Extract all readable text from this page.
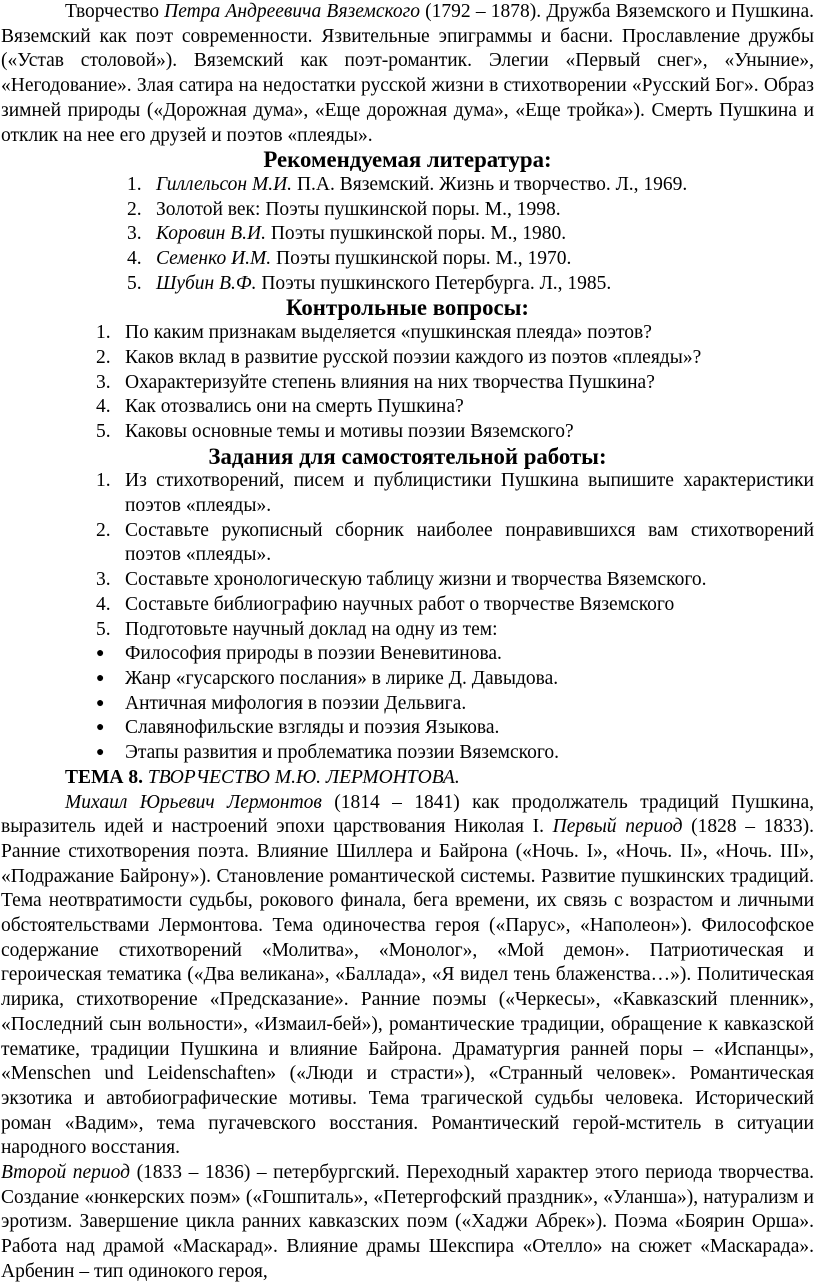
Творчество Петра Андреевича Вяземского (1792 – 1878). Дружба Вяземского и Пушкина. Вяземский как поэт современности. Язвительные эпиграммы и басни. Прославление дружбы («Устав столовой»). Вяземский как поэт-романтик. Элегии «Первый снег», «Уныние», «Негодование». Злая сатира на недостатки русской жизни в стихотворении «Русский Бог». Образ зимней природы («Дорожная дума», «Еще дорожная дума», «Еще тройка»). Смерть Пушкина и отклик на нее его друзей и поэтов «плеяды».

Рекомендуемая литература:
1. Гиллельсон М.И. П.А. Вяземский. Жизнь и творчество. Л., 1969.
2. Золотой век: Поэты пушкинской поры. М., 1998.
3. Коровин В.И. Поэты пушкинской поры. М., 1980.
4. Семенко И.М. Поэты пушкинской поры. М., 1970.
5. Шубин В.Ф. Поэты пушкинского Петербурга. Л., 1985.
Контрольные вопросы:
1. По каким признакам выделяется «пушкинская плеяда» поэтов?
2. Каков вклад в развитие русской поэзии каждого из поэтов «плеяды»?
3. Охарактеризуйте степень влияния на них творчества Пушкина?
4. Как отозвались они на смерть Пушкина?
5. Каковы основные темы и мотивы поэзии Вяземского?
Задания для самостоятельной работы:
1. Из стихотворений, писем и публицистики Пушкина выпишите характеристики поэтов «плеяды».
2. Составьте рукописный сборник наиболее понравившихся вам стихотворений поэтов «плеяды».
3. Составьте хронологическую таблицу жизни и творчества Вяземского.
4. Составьте библиографию научных работ о творчестве Вяземского
5. Подготовьте научный доклад на одну из тем:
● Философия природы в поэзии Веневитинова.
● Жанр «гусарского послания» в лирике Д. Давыдова.
● Античная мифология в поэзии Дельвига.
● Славянофильские взгляды и поэзия Языкова.
● Этапы развития и проблематика поэзии Вяземского.

ТЕМА 8. ТВОРЧЕСТВО М.Ю. ЛЕРМОНТОВА.

Михаил Юрьевич Лермонтов (1814 – 1841) как продолжатель традиций Пушкина, выразитель идей и настроений эпохи царствования Николая I. Первый период (1828 – 1833). Ранние стихотворения поэта. Влияние Шиллера и Байрона («Ночь. I», «Ночь. II», «Ночь. III», «Подражание Байрону»). Становление романтической системы. Развитие пушкинских традиций. Тема неотвратимости судьбы, рокового финала, бега времени, их связь с возрастом и личными обстоятельствами Лермонтова. Тема одиночества героя («Парус», «Наполеон»). Философское содержание стихотворений «Молитва», «Монолог», «Мой демон». Патриотическая и героическая тематика («Два великана», «Баллада», «Я видел тень блаженства…»). Политическая лирика, стихотворение «Предсказание». Ранние поэмы («Черкесы», «Кавказский пленник», «Последний сын вольности», «Измаил-бей»), романтические традиции, обращение к кавказской тематике, традиции Пушкина и влияние Байрона. Драматургия ранней поры – «Испанцы», «Menschen und Leidenschaften» («Люди и страсти»), «Странный человек». Романтическая экзотика и автобиографические мотивы. Тема трагической судьбы человека. Исторический роман «Вадим», тема пугачевского восстания. Романтический герой-мститель в ситуации народного восстания.

Второй период (1833 – 1836) – петербургский. Переходный характер этого периода творчества. Создание «юнкерских поэм» («Гошпиталь», «Петергофский праздник», «Уланша»), натурализм и эротизм. Завершение цикла ранних кавказских поэм («Хаджи Абрек»). Поэма «Боярин Орша». Работа над драмой «Маскарад». Влияние драмы Шекспира «Отелло» на сюжет «Маскарада». Арбенин – тип одинокого героя,
